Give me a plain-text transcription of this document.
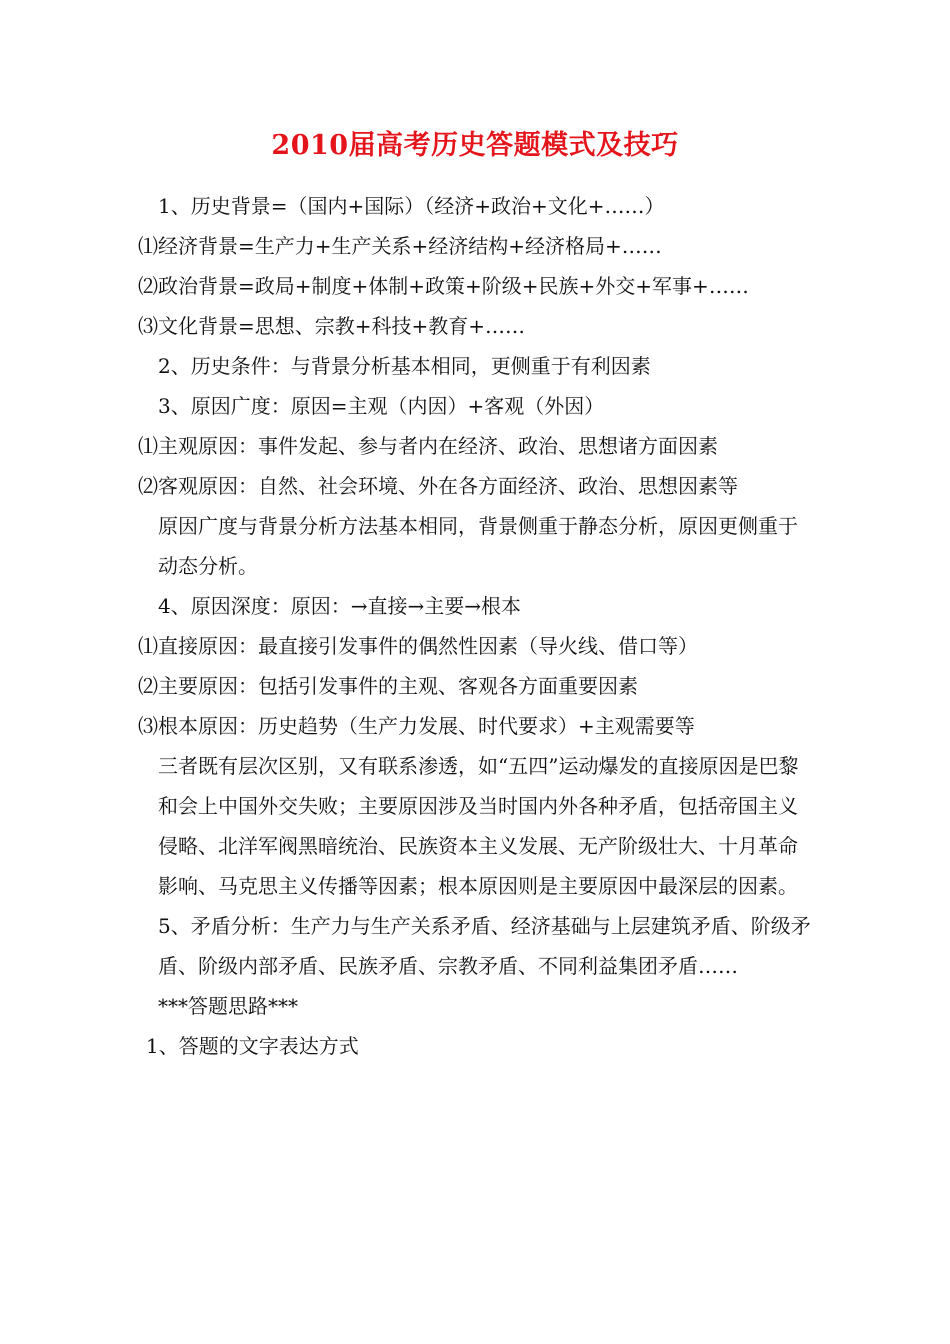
2010届高考历史答题模式及技巧

1、历史背景=（国内+国际）（经济+政治+文化+……）

⑴经济背景=生产力+生产关系+经济结构+经济格局+……

⑵政治背景=政局+制度+体制+政策+阶级+民族+外交+军事+……

⑶文化背景=思想、宗教+科技+教育+……

2、历史条件：与背景分析基本相同，更侧重于有利因素

3、原因广度：原因=主观（内因）+客观（外因）

⑴主观原因：事件发起、参与者内在经济、政治、思想诸方面因素

⑵客观原因：自然、社会环境、外在各方面经济、政治、思想因素等

原因广度与背景分析方法基本相同，背景侧重于静态分析，原因更侧重于动态分析。

4、原因深度：原因：→直接→主要→根本

⑴直接原因：最直接引发事件的偶然性因素（导火线、借口等）

⑵主要原因：包括引发事件的主观、客观各方面重要因素

⑶根本原因：历史趋势（生产力发展、时代要求）+主观需要等

三者既有层次区别，又有联系渗透，如“五四”运动爆发的直接原因是巴黎和会上中国外交失败；主要原因涉及当时国内外各种矛盾，包括帝国主义侵略、北洋军阀黑暗统治、民族资本主义发展、无产阶级壮大、十月革命影响、马克思主义传播等因素；根本原因则是主要原因中最深层的因素。

5、矛盾分析：生产力与生产关系矛盾、经济基础与上层建筑矛盾、阶级矛盾、阶级内部矛盾、民族矛盾、宗教矛盾、不同利益集团矛盾……

***答题思路***

1、答题的文字表达方式
